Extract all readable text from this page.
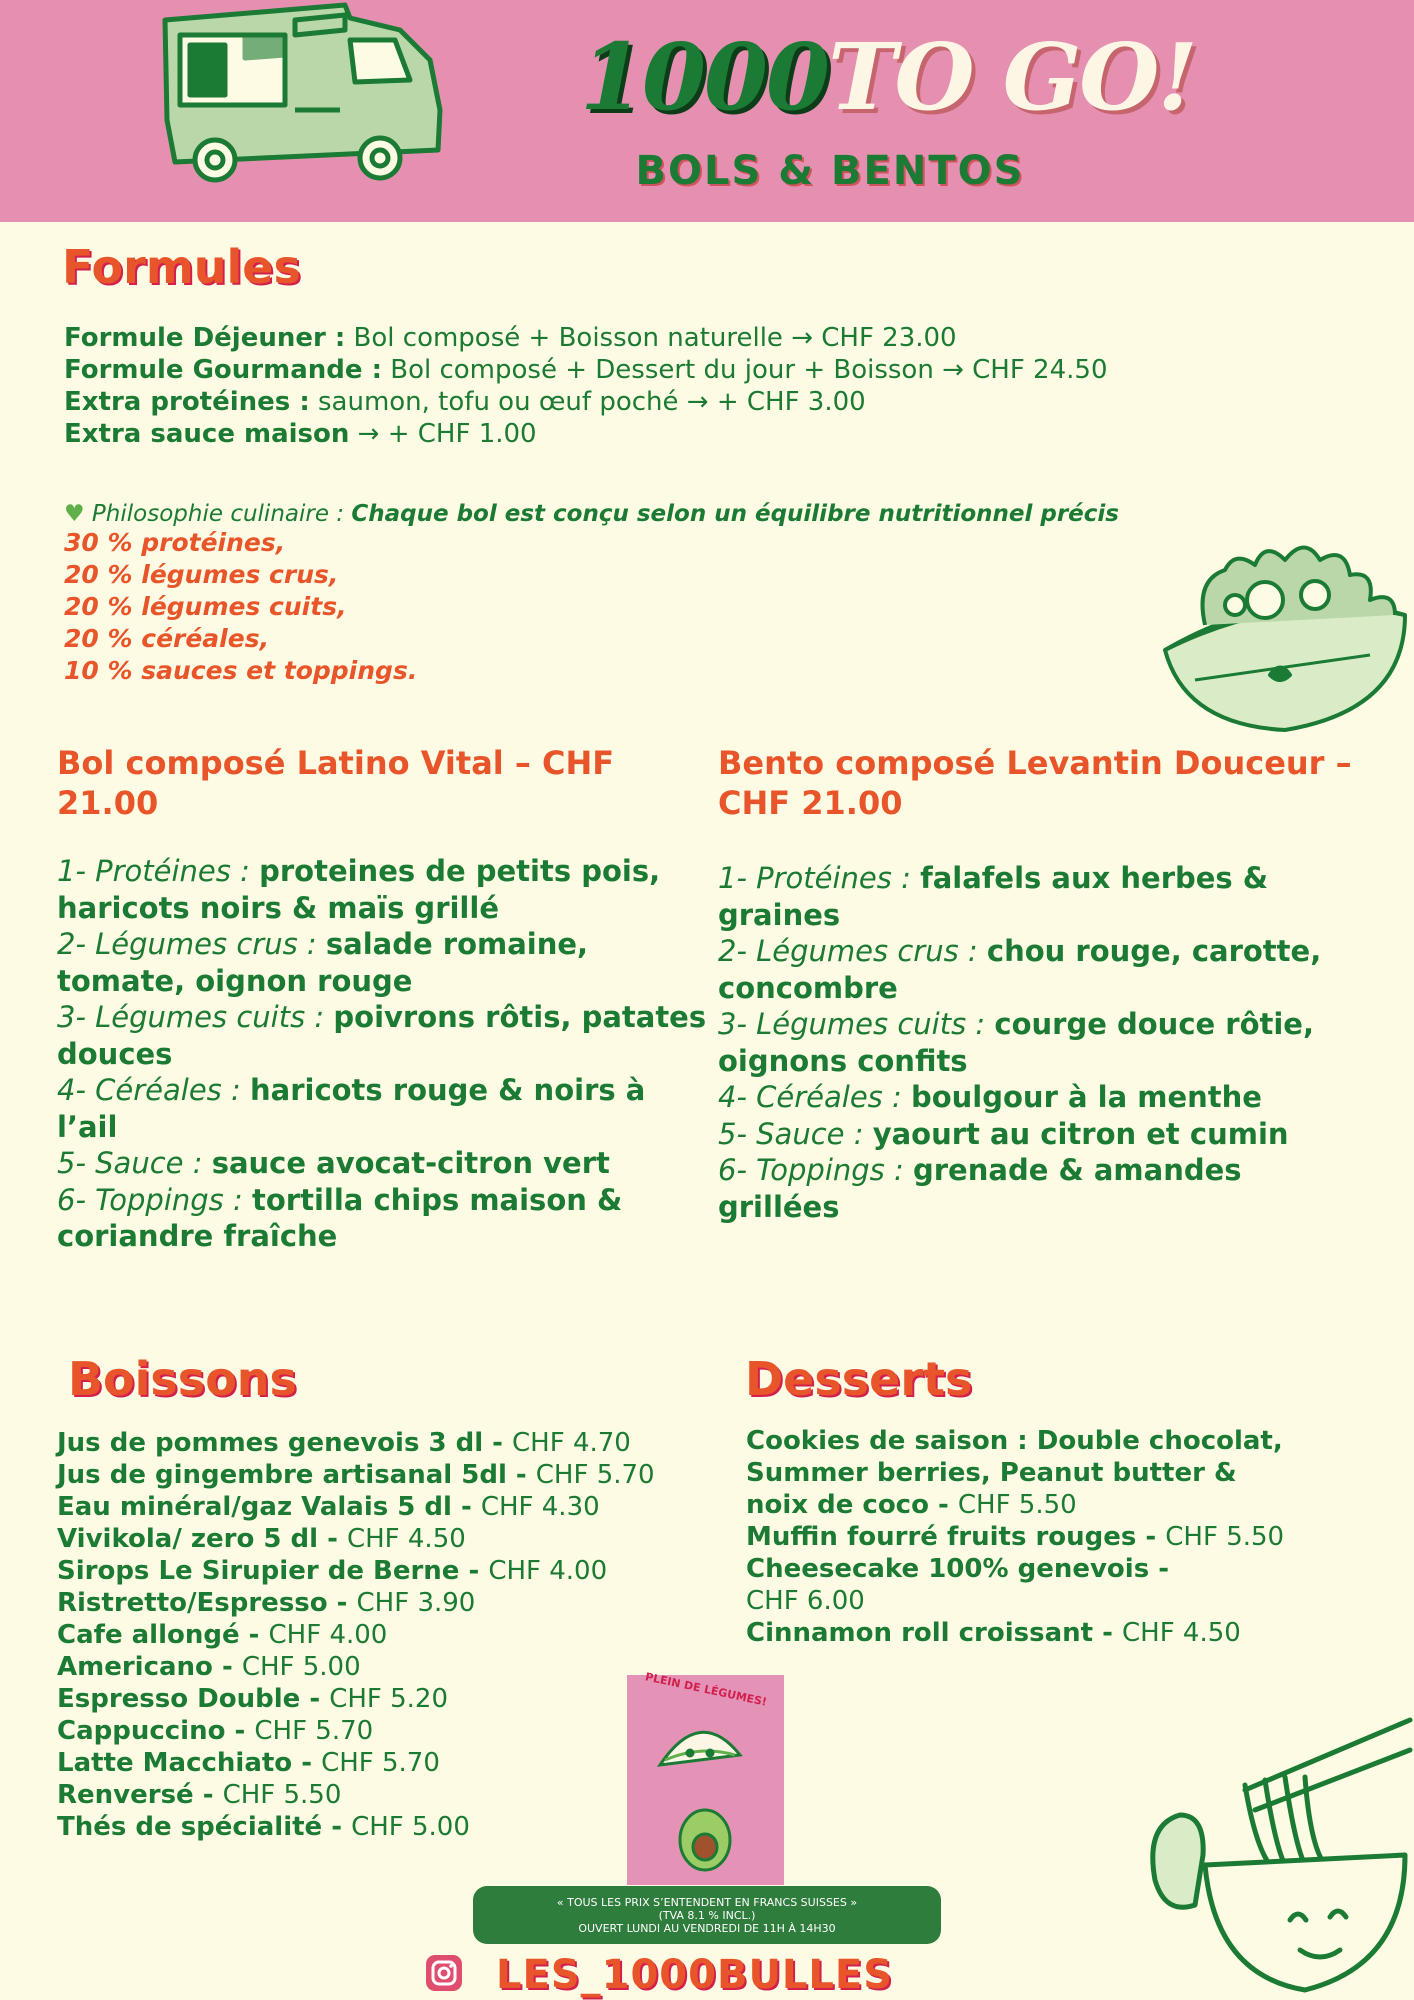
1000TO GO!
BOLS & BENTOS
Formules
Formule Déjeuner : Bol composé + Boisson naturelle → CHF 23.00
Formule Gourmande : Bol composé + Dessert du jour + Boisson → CHF 24.50
Extra protéines : saumon, tofu ou œuf poché → + CHF 3.00
Extra sauce maison → + CHF 1.00
♥ Philosophie culinaire : Chaque bol est conçu selon un équilibre nutritionnel précis
30 % protéines,
20 % légumes crus,
20 % légumes cuits,
20 % céréales,
10 % sauces et toppings.
Bol composé Latino Vital – CHF 21.00
1- Protéines : proteines de petits pois, haricots noirs & maïs grillé
2- Légumes crus : salade romaine, tomate, oignon rouge
3- Légumes cuits : poivrons rôtis, patates douces
4- Céréales : haricots rouge & noirs à l’ail
5- Sauce : sauce avocat-citron vert
6- Toppings : tortilla chips maison & coriandre fraîche
Bento composé Levantin Douceur – CHF 21.00
1- Protéines : falafels aux herbes & graines
2- Légumes crus : chou rouge, carotte, concombre
3- Légumes cuits : courge douce rôtie, oignons confits
4- Céréales : boulgour à la menthe
5- Sauce : yaourt au citron et cumin
6- Toppings : grenade & amandes grillées
Boissons
Jus de pommes genevois 3 dl - CHF 4.70
Jus de gingembre artisanal 5dl - CHF 5.70
Eau minéral/gaz Valais 5 dl - CHF 4.30
Vivikola/ zero 5 dl - CHF 4.50
Sirops Le Sirupier de Berne - CHF 4.00
Ristretto/Espresso - CHF 3.90
Cafe allongé - CHF 4.00
Americano - CHF 5.00
Espresso Double - CHF 5.20
Cappuccino - CHF 5.70
Latte Macchiato - CHF 5.70
Renversé - CHF 5.50
Thés de spécialité - CHF 5.00
Desserts
Cookies de saison : Double chocolat,
Summer berries, Peanut butter &
noix de coco - CHF 5.50
Muffin fourré fruits rouges - CHF 5.50
Cheesecake 100% genevois -
CHF 6.00
Cinnamon roll croissant - CHF 4.50
PLEIN DE LÉGUMES!
« TOUS LES PRIX S’ENTENDENT EN FRANCS SUISSES »
(TVA 8.1 % INCL.)
OUVERT LUNDI AU VENDREDI DE 11H À 14H30
LES_1000BULLES
